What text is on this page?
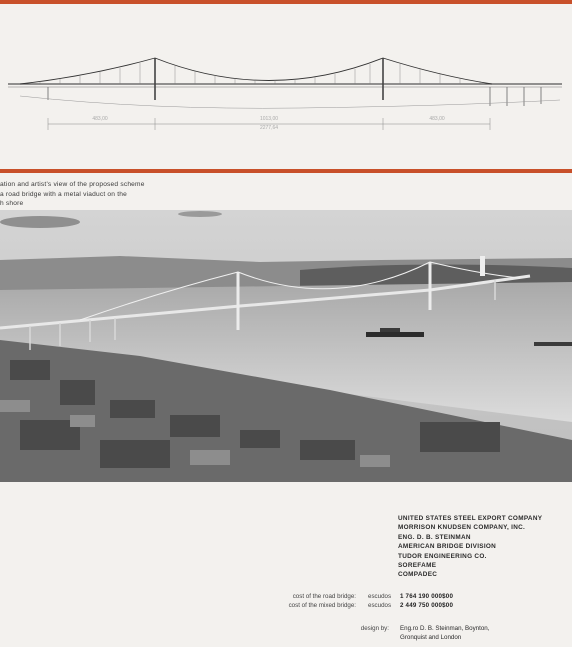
483,00	1013,00
2277,64
483,00
ation and artist's view of the proposed scheme
a road bridge with a metal viaduct on the
h shore
UNITED STATES STEEL EXPORT COMPANY
MORRISON KNUDSEN COMPANY, INC.
ENG. D. B. STEINMAN
AMERICAN BRIDGE DIVISION
TUDOR ENGINEERING CO.
SOREFAME
COMPADEC
cost of the road bridge: escudos 1 764 190 000$00
cost of the mixed bridge: escudos 2 449 750 000$00
design by: Eng.ro D. B. Steinman, Boynton,
Gronquist and London
